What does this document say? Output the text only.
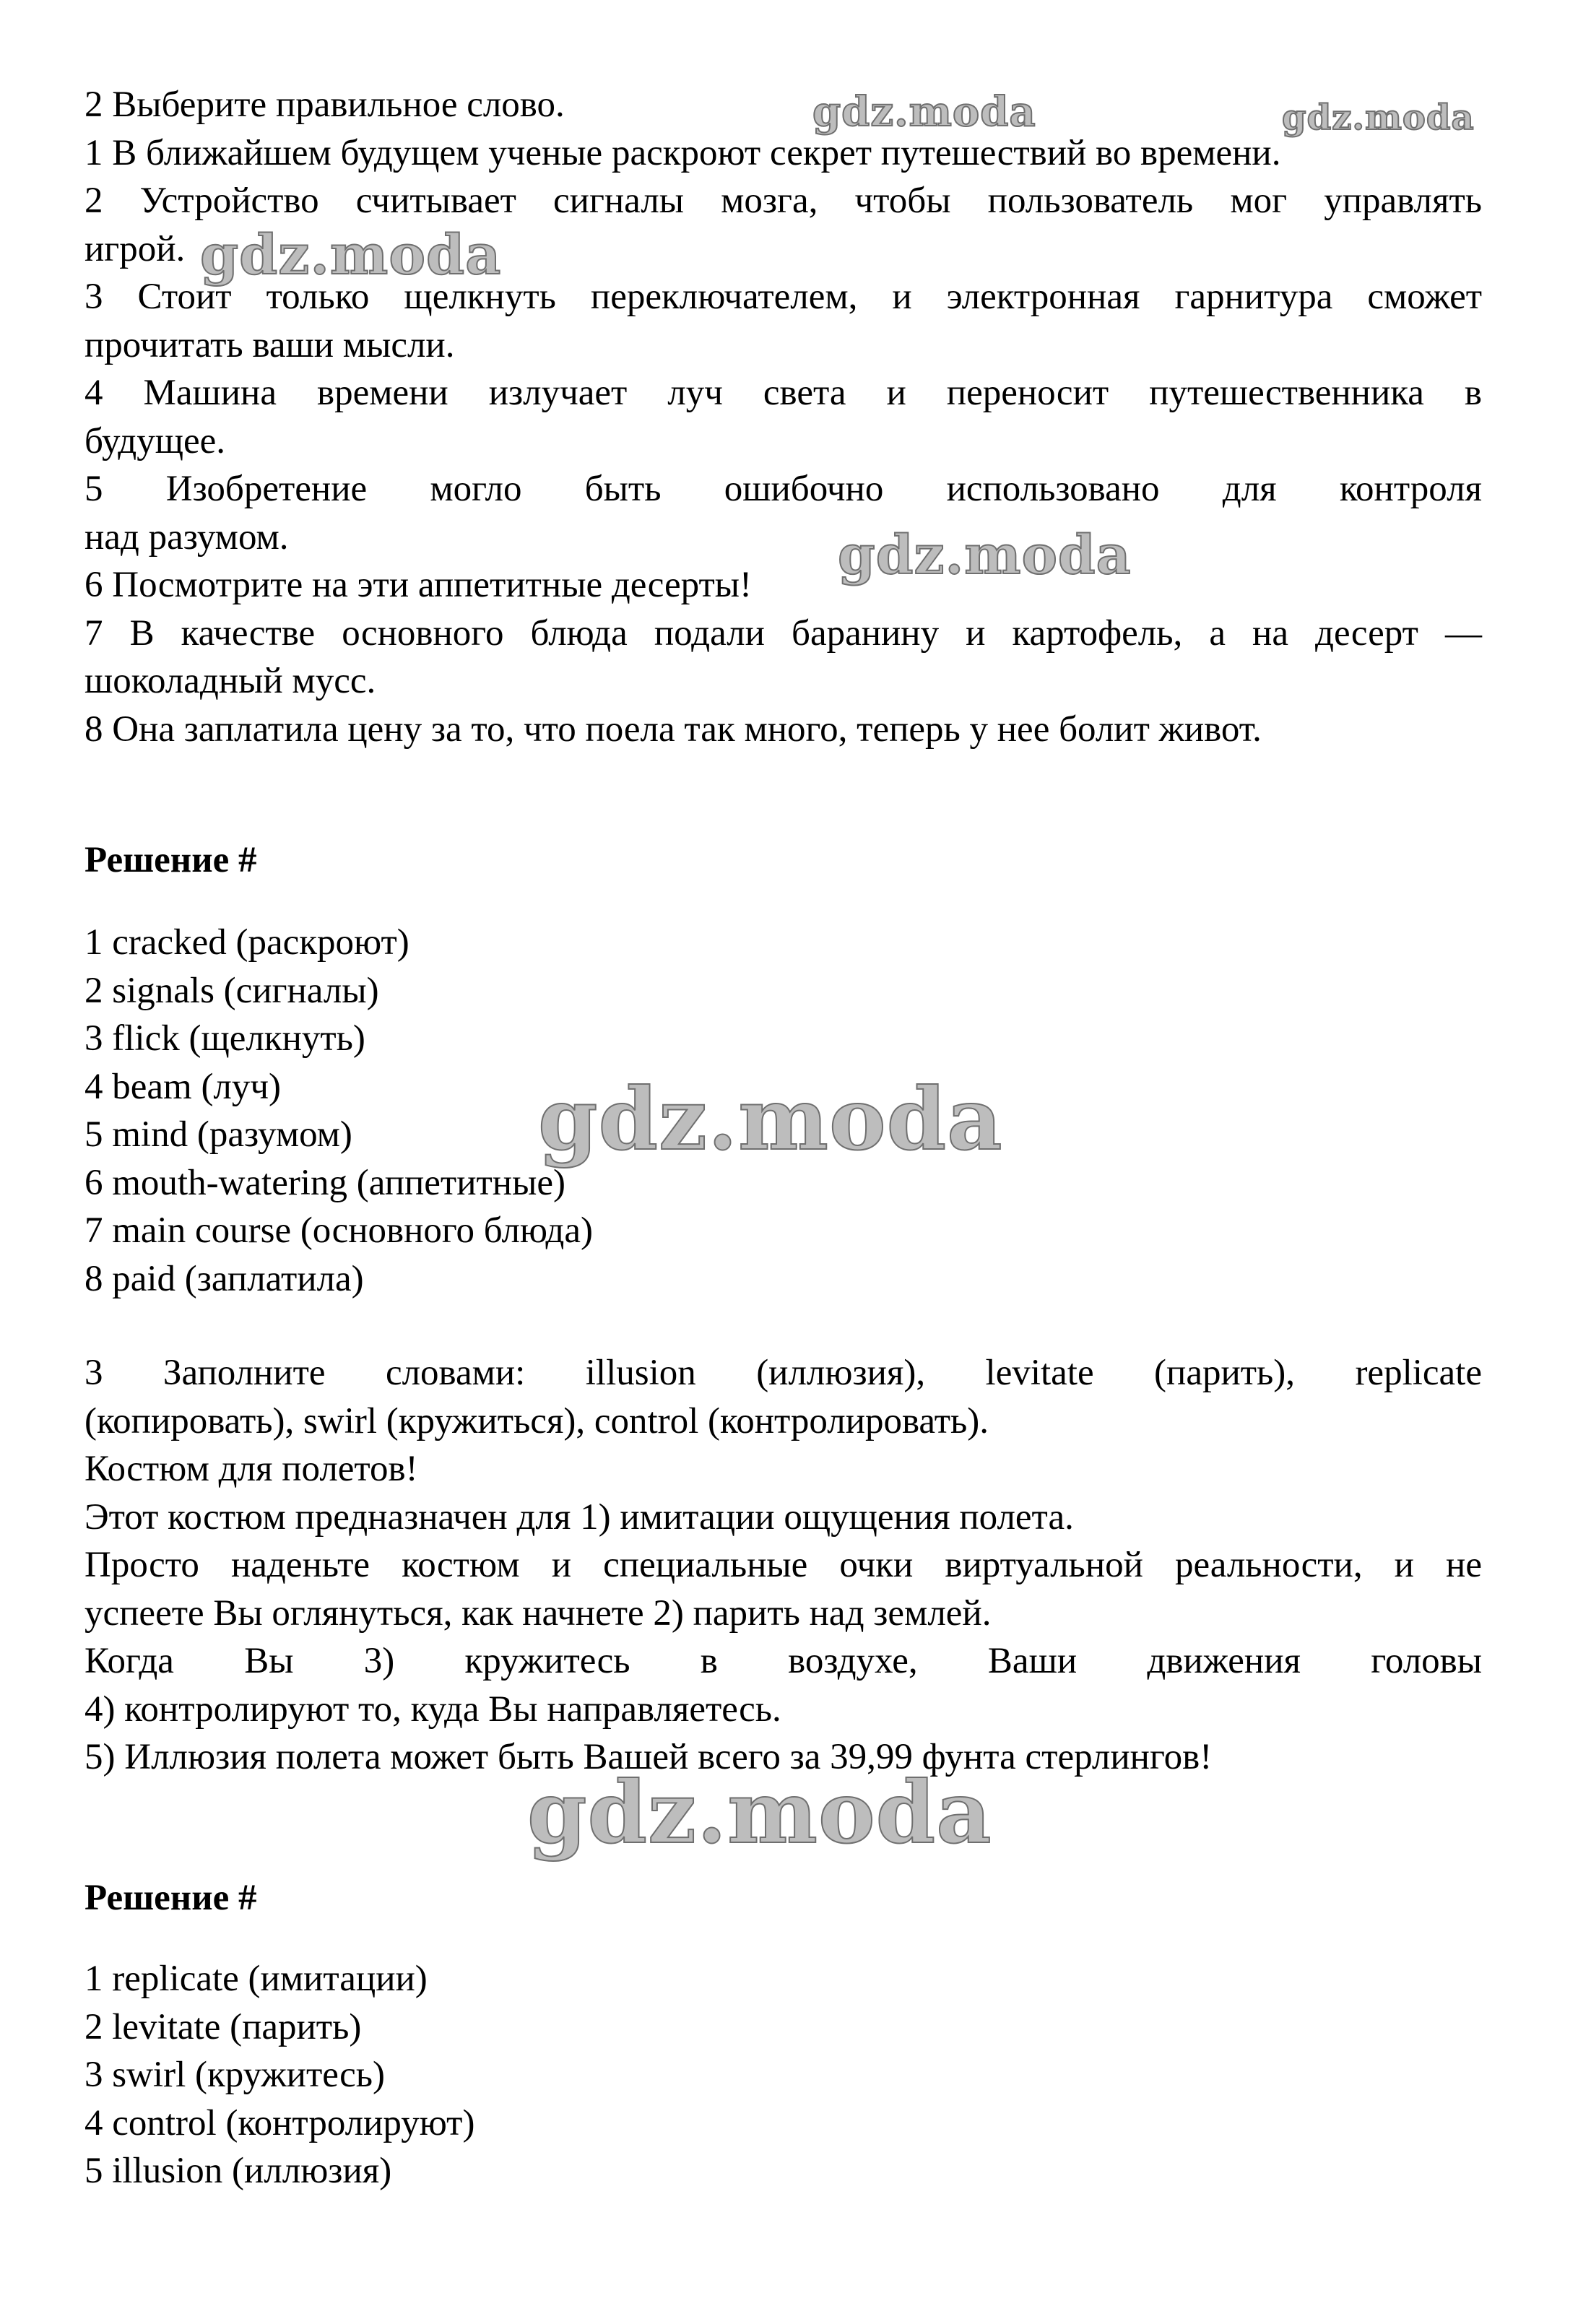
2 Выберите правильное слово.
1 В ближайшем будущем ученые раскроют секрет путешествий во времени.
2 Устройство считывает сигналы мозга, чтобы пользователь мог управлять
игрой.
3 Стоит только щелкнуть переключателем, и электронная гарнитура сможет
прочитать ваши мысли.
4 Машина времени излучает луч света и переносит путешественника в
будущее.
5 Изобретение могло быть ошибочно использовано для контроля
над разумом.
6 Посмотрите на эти аппетитные десерты!
7 В качестве основного блюда подали баранину и картофель, а на десерт —
шоколадный мусс.
8 Она заплатила цену за то, что поела так много, теперь у нее болит живот.
Решение #
1 cracked (раскроют)
2 signals (сигналы)
3 flick (щелкнуть)
4 beam (луч)
5 mind (разумом)
6 mouth-watering (аппетитные)
7 main course (основного блюда)
8 paid (заплатила)
3 Заполните словами: illusion (иллюзия), levitate (парить), replicate
(копировать), swirl (кружиться), control (контролировать).
Костюм для полетов!
Этот костюм предназначен для 1) имитации ощущения полета.
Просто наденьте костюм и специальные очки виртуальной реальности, и не
успеете Вы оглянуться, как начнете 2) парить над землей.
Когда Вы 3) кружитесь в воздухе, Ваши движения головы
4) контролируют то, куда Вы направляетесь.
5) Иллюзия полета может быть Вашей всего за 39,99 фунта стерлингов!
Решение #
1 replicate (имитации)
2 levitate (парить)
3 swirl (кружитесь)
4 control (контролируют)
5 illusion (иллюзия)
gdz.moda	gdz.moda
gdz.moda
gdz.moda
gdz.moda
gdz.moda
